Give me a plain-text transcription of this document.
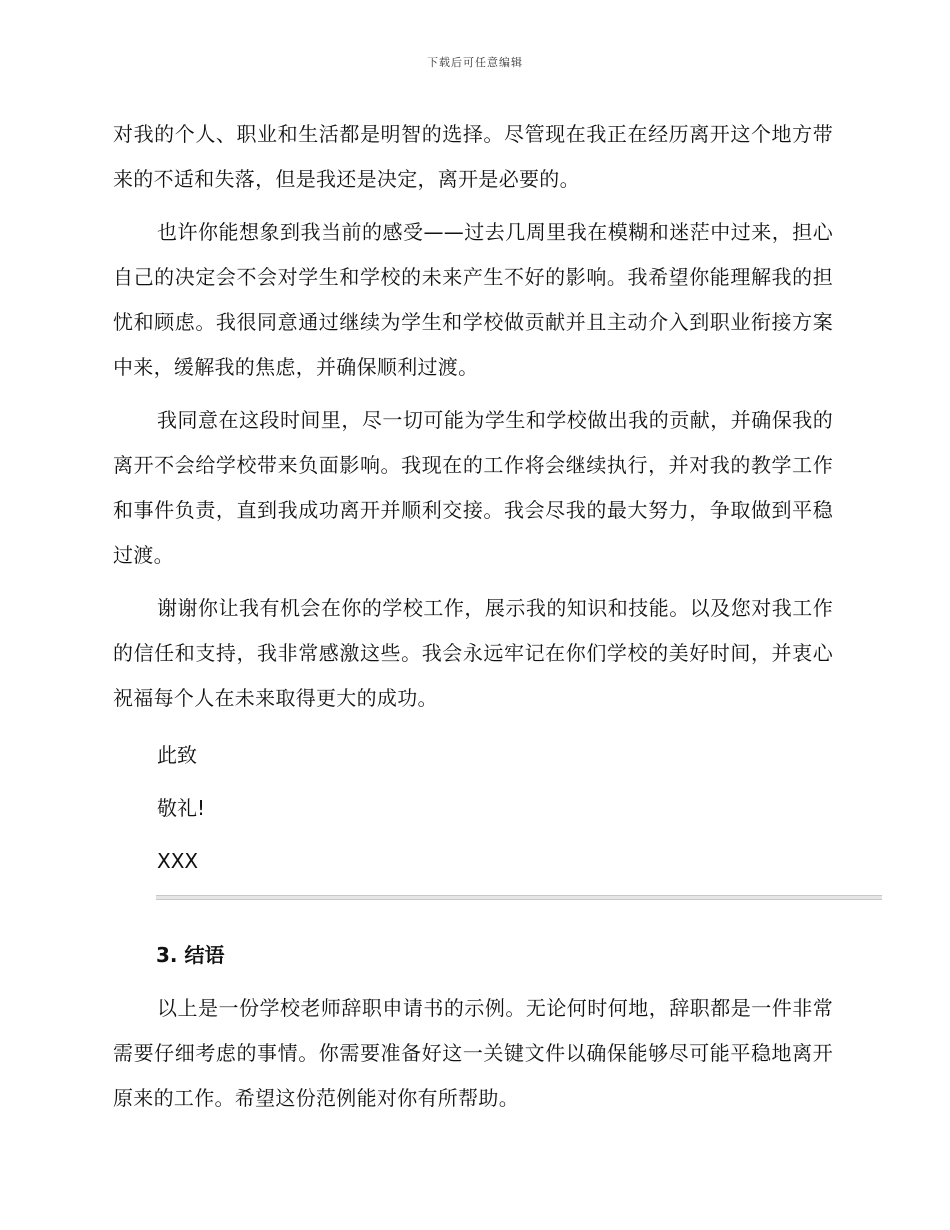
下载后可任意编辑

对我的个人、职业和生活都是明智的选择。尽管现在我正在经历离开这个地方带来的不适和失落，但是我还是决定，离开是必要的。

也许你能想象到我当前的感受——过去几周里我在模糊和迷茫中过来，担心自己的决定会不会对学生和学校的未来产生不好的影响。我希望你能理解我的担忧和顾虑。我很同意通过继续为学生和学校做贡献并且主动介入到职业衔接方案中来，缓解我的焦虑，并确保顺利过渡。

我同意在这段时间里，尽一切可能为学生和学校做出我的贡献，并确保我的离开不会给学校带来负面影响。我现在的工作将会继续执行，并对我的教学工作和事件负责，直到我成功离开并顺利交接。我会尽我的最大努力，争取做到平稳过渡。

谢谢你让我有机会在你的学校工作，展示我的知识和技能。以及您对我工作的信任和支持，我非常感激这些。我会永远牢记在你们学校的美好时间，并衷心祝福每个人在未来取得更大的成功。

此致

敬礼!

XXX

3. 结语

以上是一份学校老师辞职申请书的示例。无论何时何地，辞职都是一件非常需要仔细考虑的事情。你需要准备好这一关键文件以确保能够尽可能平稳地离开原来的工作。希望这份范例能对你有所帮助。
